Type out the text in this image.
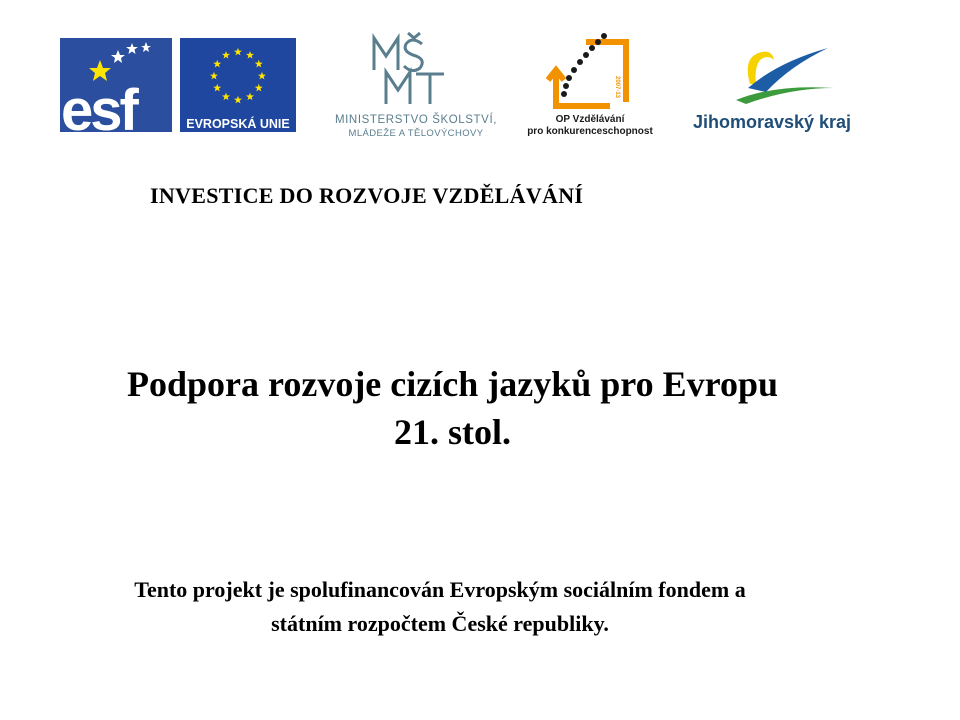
esf	EVROPSKÁ UNIE	MINISTERSTVO ŠKOLSTVÍ,
MLÁDEŽE A TĚLOVÝCHOVY
2007-13
OP Vzdělávání
pro konkurenceschopnost Jihomoravský kraj

INVESTICE DO ROZVOJE VZDĚLÁVÁNÍ

Podpora rozvoje cizích jazyků pro Evropu
21. stol.

Tento projekt je spolufinancován Evropským sociálním fondem a
státním rozpočtem České republiky.
